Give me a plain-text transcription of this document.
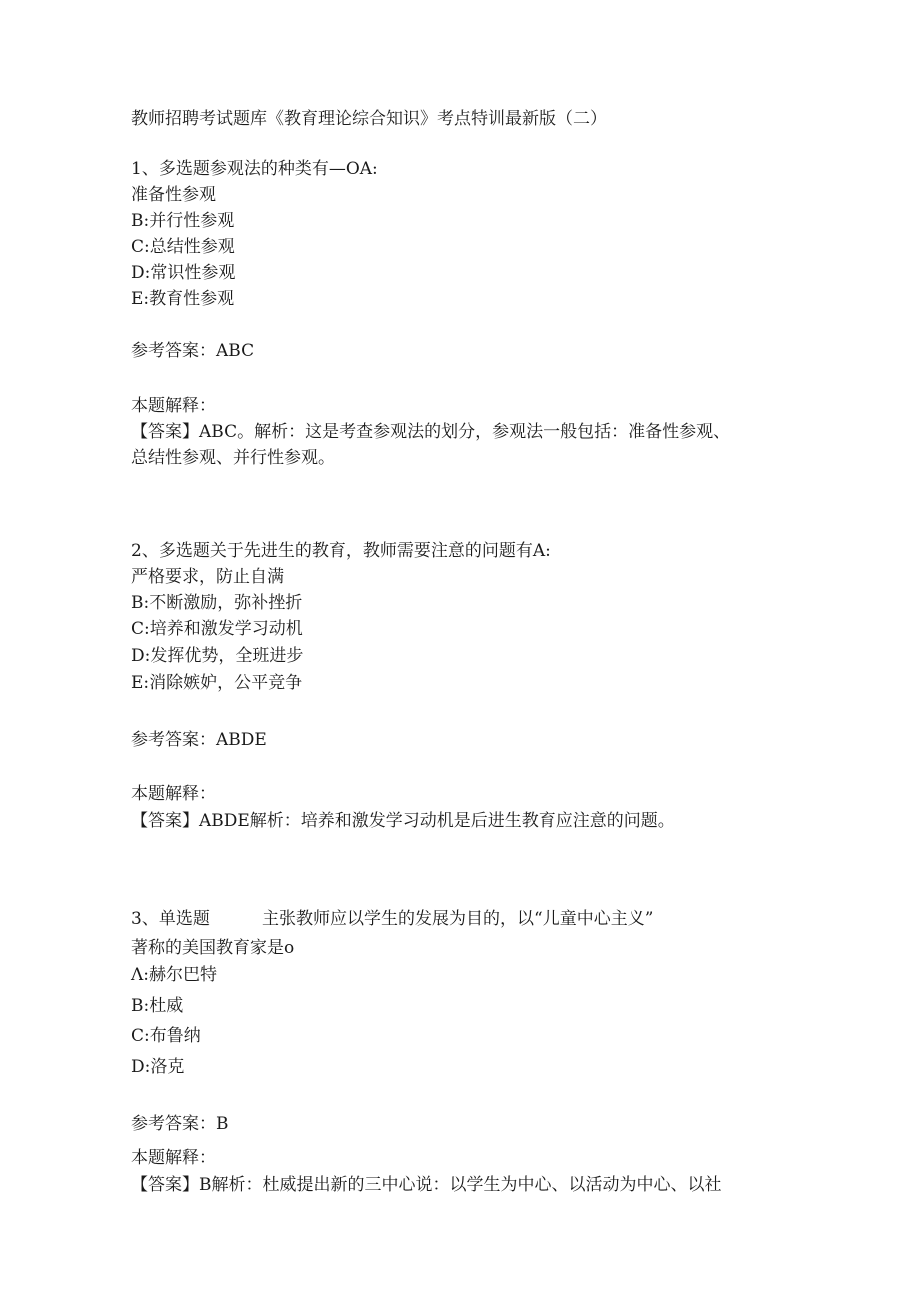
教师招聘考试题库《教育理论综合知识》考点特训最新版（二）
1、多选题参观法的种类有—OA:
准备性参观
B:并行性参观
C:总结性参观
D:常识性参观
E:教育性参观
参考答案：ABC
本题解释：
【答案】ABC。解析：这是考查参观法的划分，参观法一般包括：准备性参观、
总结性参观、并行性参观。
2、多选题关于先进生的教育，教师需要注意的问题有A:
严格要求，防止自满
B:不断激励，弥补挫折
C:培养和激发学习动机
D:发挥优势，全班进步
E:消除嫉妒，公平竞争
参考答案：ABDE
本题解释：
【答案】ABDE解析：培养和激发学习动机是后进生教育应注意的问题。
3、单选题	主张教师应以学生的发展为目的，以“儿童中心主义”
著称的美国教育家是o
Λ:赫尔巴特
B:杜威
C:布鲁纳
D:洛克
参考答案：B
本题解释：
【答案】B解析：杜威提出新的三中心说：以学生为中心、以活动为中心、以社
